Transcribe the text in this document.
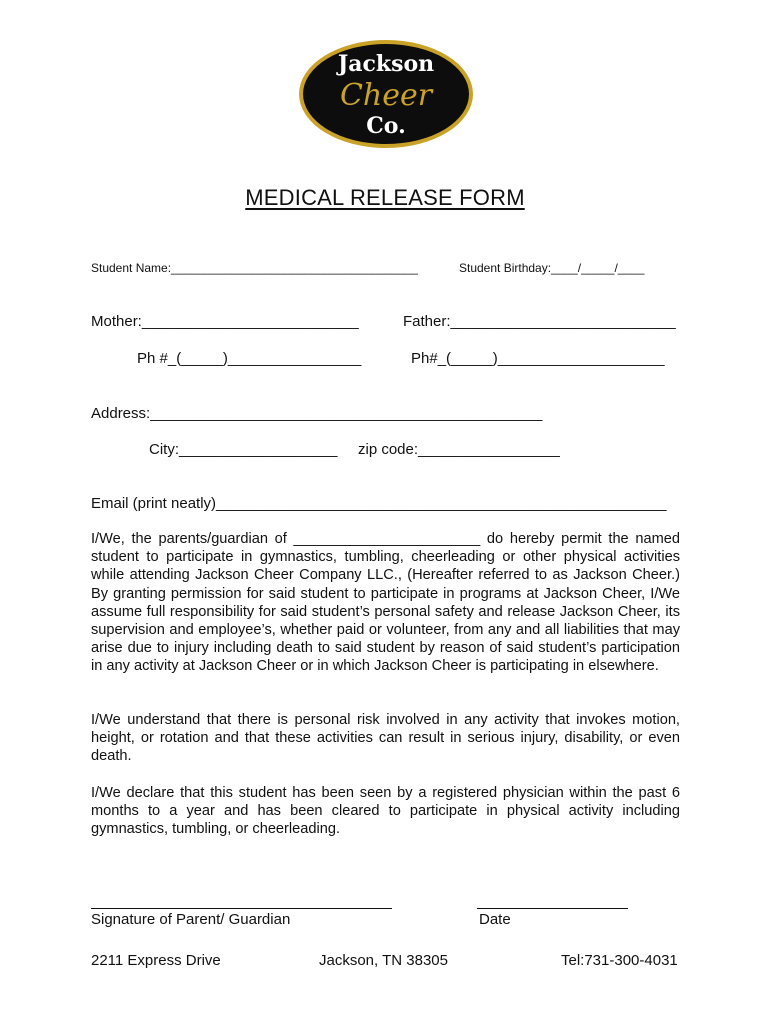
Jackson
Cheer
Co.
MEDICAL RELEASE FORM
Student Name:_____________________________________	Student Birthday:____/_____/____
Mother:__________________________	Father:___________________________
Ph #_(_____)________________	Ph#_(_____)____________________
Address:_______________________________________________
City:___________________ zip code:_________________
Email (print neatly)______________________________________________________

I/We, the parents/guardian of _______________________ do hereby permit the named student to participate in gymnastics, tumbling, cheerleading or other physical activities while attending Jackson Cheer Company LLC., (Hereafter referred to as Jackson Cheer.) By granting permission for said student to participate in programs at Jackson Cheer, I/We assume full responsibility for said student’s personal safety and release Jackson Cheer, its supervision and employee’s, whether paid or volunteer, from any and all liabilities that may arise due to injury including death to said student by reason of said student’s participation in any activity at Jackson Cheer or in which Jackson Cheer is participating in elsewhere.

I/We understand that there is personal risk involved in any activity that invokes motion, height, or rotation and that these activities can result in serious injury, disability, or even death.

I/We declare that this student has been seen by a registered physician within the past 6 months to a year and has been cleared to participate in physical activity including gymnastics, tumbling, or cheerleading.

Signature of Parent/ Guardian	Date
2211 Express Drive	Jackson, TN 38305	Tel:731-300-4031
